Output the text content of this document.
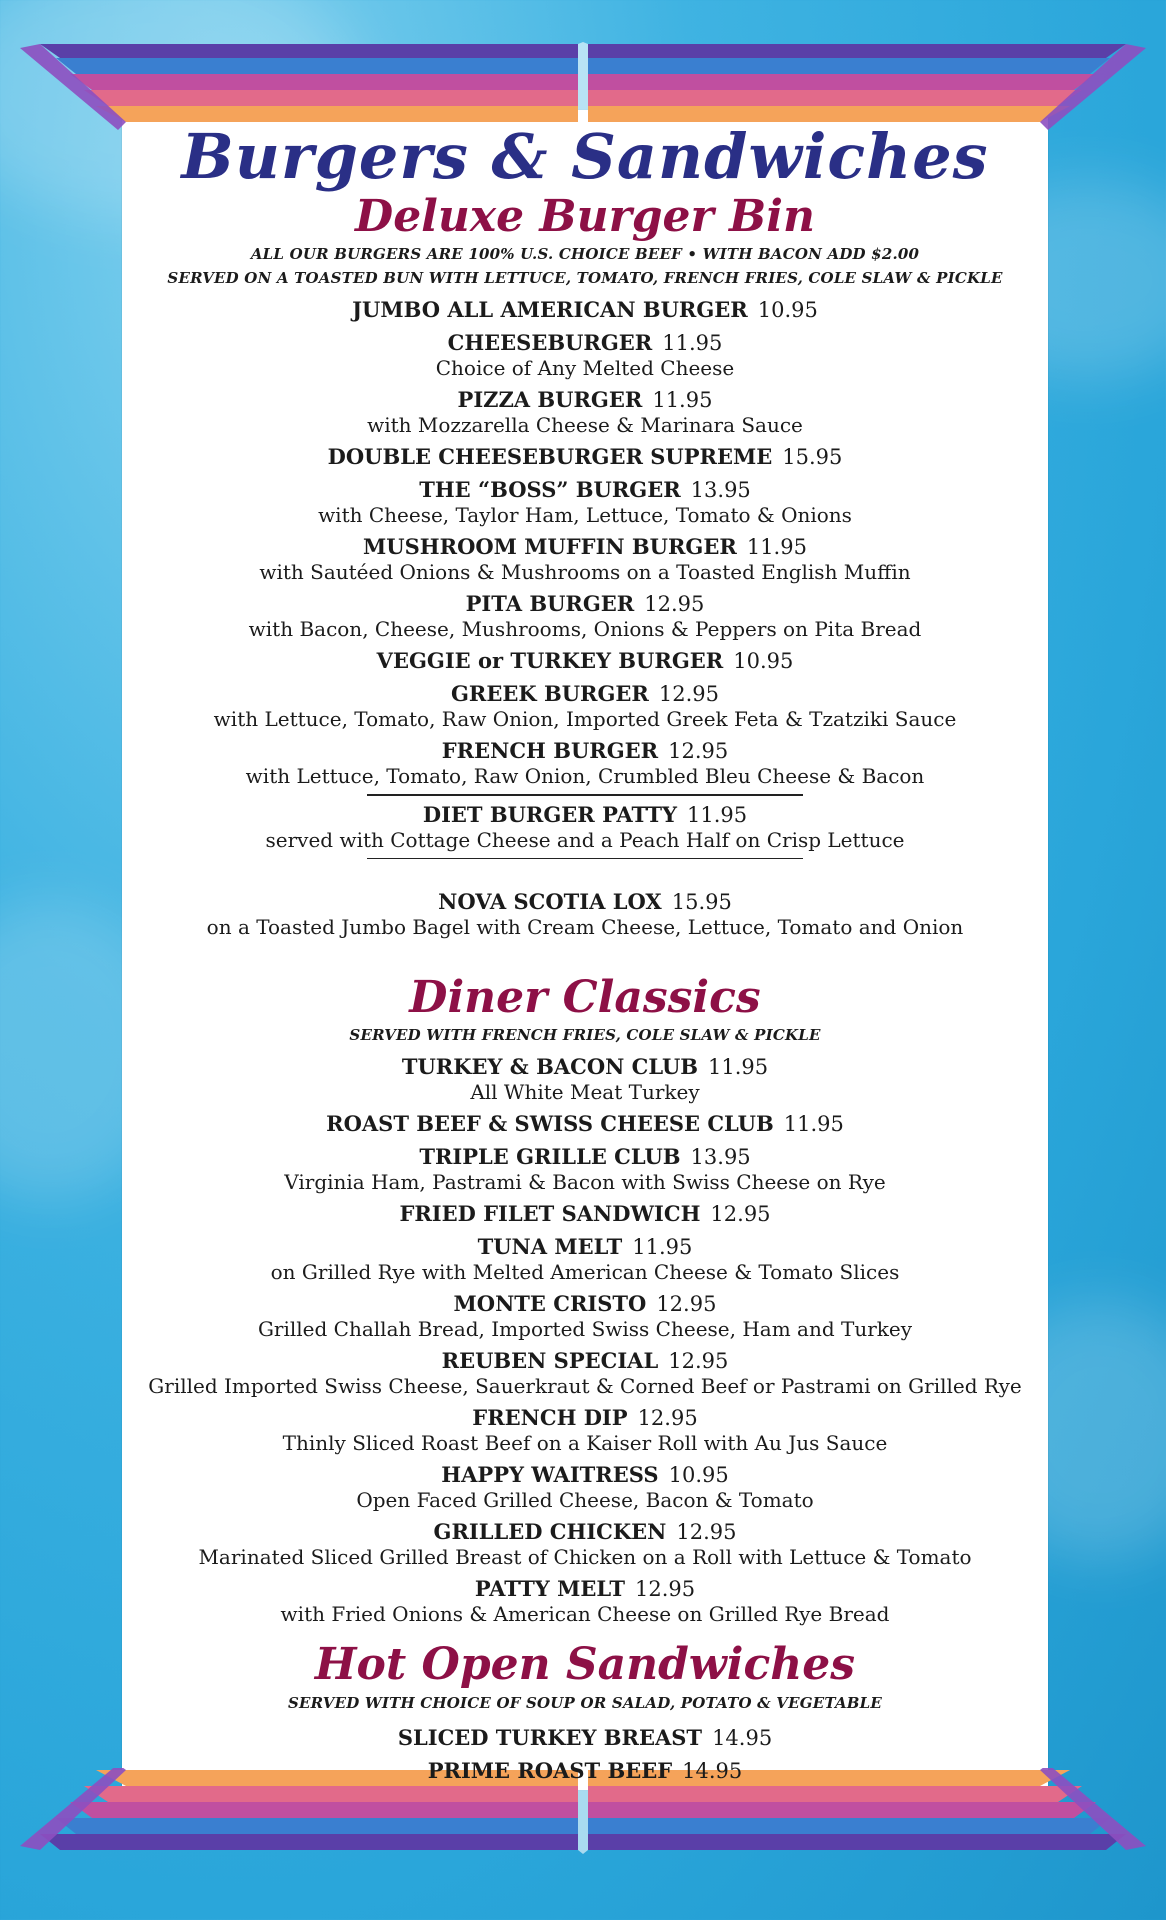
Burgers & Sandwiches
Deluxe Burger Bin
ALL OUR BURGERS ARE 100% U.S. CHOICE BEEF • WITH BACON ADD $2.00
SERVED ON A TOASTED BUN WITH LETTUCE, TOMATO, FRENCH FRIES, COLE SLAW & PICKLE
JUMBO ALL AMERICAN BURGER 10.95
CHEESEBURGER 11.95
Choice of Any Melted Cheese
PIZZA BURGER 11.95
with Mozzarella Cheese & Marinara Sauce
DOUBLE CHEESEBURGER SUPREME 15.95
THE “BOSS” BURGER 13.95
with Cheese, Taylor Ham, Lettuce, Tomato & Onions
MUSHROOM MUFFIN BURGER 11.95
with Sautéed Onions & Mushrooms on a Toasted English Muffin
PITA BURGER 12.95
with Bacon, Cheese, Mushrooms, Onions & Peppers on Pita Bread
VEGGIE or TURKEY BURGER 10.95
GREEK BURGER 12.95
with Lettuce, Tomato, Raw Onion, Imported Greek Feta & Tzatziki Sauce
FRENCH BURGER 12.95
with Lettuce, Tomato, Raw Onion, Crumbled Bleu Cheese & Bacon
DIET BURGER PATTY 11.95
served with Cottage Cheese and a Peach Half on Crisp Lettuce
NOVA SCOTIA LOX 15.95
on a Toasted Jumbo Bagel with Cream Cheese, Lettuce, Tomato and Onion
Diner Classics
SERVED WITH FRENCH FRIES, COLE SLAW & PICKLE
TURKEY & BACON CLUB 11.95
All White Meat Turkey
ROAST BEEF & SWISS CHEESE CLUB 11.95
TRIPLE GRILLE CLUB 13.95
Virginia Ham, Pastrami & Bacon with Swiss Cheese on Rye
FRIED FILET SANDWICH 12.95
TUNA MELT 11.95
on Grilled Rye with Melted American Cheese & Tomato Slices
MONTE CRISTO 12.95
Grilled Challah Bread, Imported Swiss Cheese, Ham and Turkey
REUBEN SPECIAL 12.95
Grilled Imported Swiss Cheese, Sauerkraut & Corned Beef or Pastrami on Grilled Rye
FRENCH DIP 12.95
Thinly Sliced Roast Beef on a Kaiser Roll with Au Jus Sauce
HAPPY WAITRESS 10.95
Open Faced Grilled Cheese, Bacon & Tomato
GRILLED CHICKEN 12.95
Marinated Sliced Grilled Breast of Chicken on a Roll with Lettuce & Tomato
PATTY MELT 12.95
with Fried Onions & American Cheese on Grilled Rye Bread
Hot Open Sandwiches
SERVED WITH CHOICE OF SOUP OR SALAD, POTATO & VEGETABLE
SLICED TURKEY BREAST 14.95
PRIME ROAST BEEF 14.95
